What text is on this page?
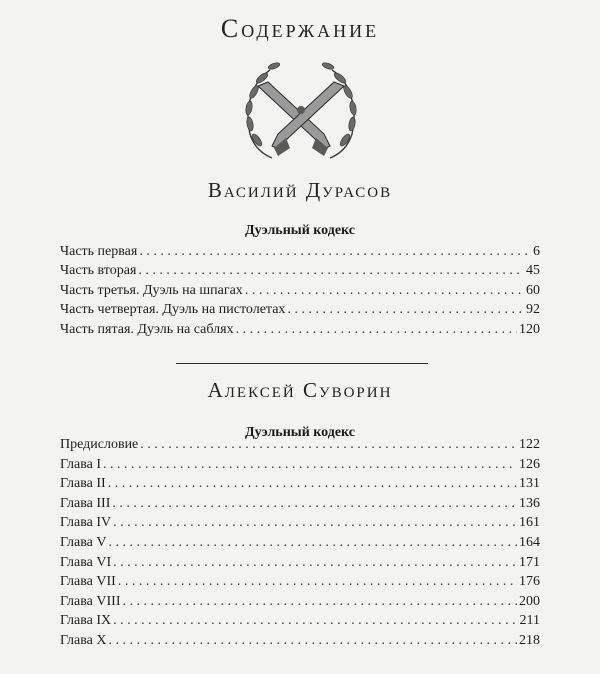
Содержание
Василий Дурасов
Дуэльный кодекс
Часть первая . . .	6
Часть вторая . . .	45
Часть третья. Дуэль на шпагах . . .	60
Часть четвертая. Дуэль на пистолетах . . .	92
Часть пятая. Дуэль на саблях . . .	120
Алексей Суворин
Дуэльный кодекс
Предисловие . . .	122
Глава I . . .	126
Глава II . . .	131
Глава III . . .	136
Глава IV . . .	161
Глава V . . .	164
Глава VI . . .	171
Глава VII . . .	176
Глава VIII . . .	200
Глава IX . . .	211
Глава X . . .	218
